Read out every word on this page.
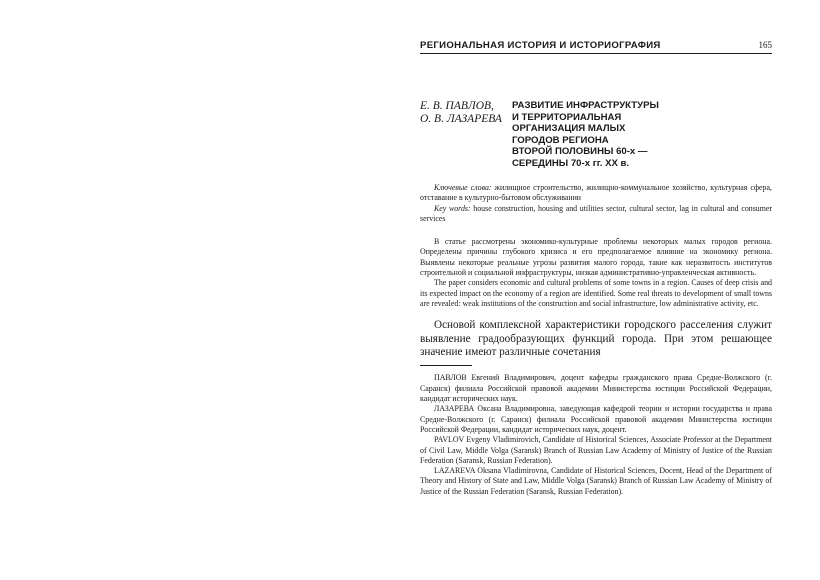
РЕГИОНАЛЬНАЯ ИСТОРИЯ И ИСТОРИОГРАФИЯ	165
Е. В. ПАВЛОВ,
О. В. ЛАЗАРЕВА
РАЗВИТИЕ ИНФРАСТРУКТУРЫ
И ТЕРРИТОРИАЛЬНАЯ
ОРГАНИЗАЦИЯ МАЛЫХ
ГОРОДОВ РЕГИОНА
ВТОРОЙ ПОЛОВИНЫ 60-х —
СЕРЕДИНЫ 70-х гг. XX в.
Ключевые слова: жилищное строительство, жилищно-коммунальное хозяйство, культурная сфера, отставание в культурно-бытовом обслуживании
Key words: house construction, housing and utilities sector, cultural sector, lag in cultural and consumer services
В статье рассмотрены экономико-культурные проблемы некоторых малых городов региона. Определены причины глубокого кризиса и его предполагаемое влияние на экономику региона. Выявлены некоторые реальные угрозы развития малого города, такие как неразвитость институтов строительной и социальной инфраструктуры, низкая административно-управленческая активность.
The paper considers economic and cultural problems of some towns in a region. Causes of deep crisis and its expected impact on the economy of a region are identified. Some real threats to development of small towns are revealed: weak institutions of the construction and social infrastructure, low administrative activity, etc.
Основой комплексной характеристики городского расселения служит выявление градообразующих функций города. При этом решающее значение имеют различные сочетания
ПАВЛОВ Евгений Владимирович, доцент кафедры гражданского права Средне-Волжского (г. Саранск) филиала Российской правовой академии Министерства юстиции Российской Федерации, кандидат исторических наук.
ЛАЗАРЕВА Оксана Владимировна, заведующая кафедрой теории и истории государства и права Средне-Волжского (г. Саранск) филиала Российской правовой академии Министерства юстиции Российской Федерации, кандидат исторических наук, доцент.
PAVLOV Evgeny Vladimirovich, Candidate of Historical Sciences, Associate Professor at the Department of Civil Law, Middle Volga (Saransk) Branch of Russian Law Academy of Ministry of Justice of the Russian Federation (Saransk, Russian Federation).
LAZAREVA Oksana Vladimirovna, Candidate of Historical Sciences, Docent, Head of the Department of Theory and History of State and Law, Middle Volga (Saransk) Branch of Russian Law Academy of Ministry of Justice of the Russian Federation (Saransk, Russian Federation).
